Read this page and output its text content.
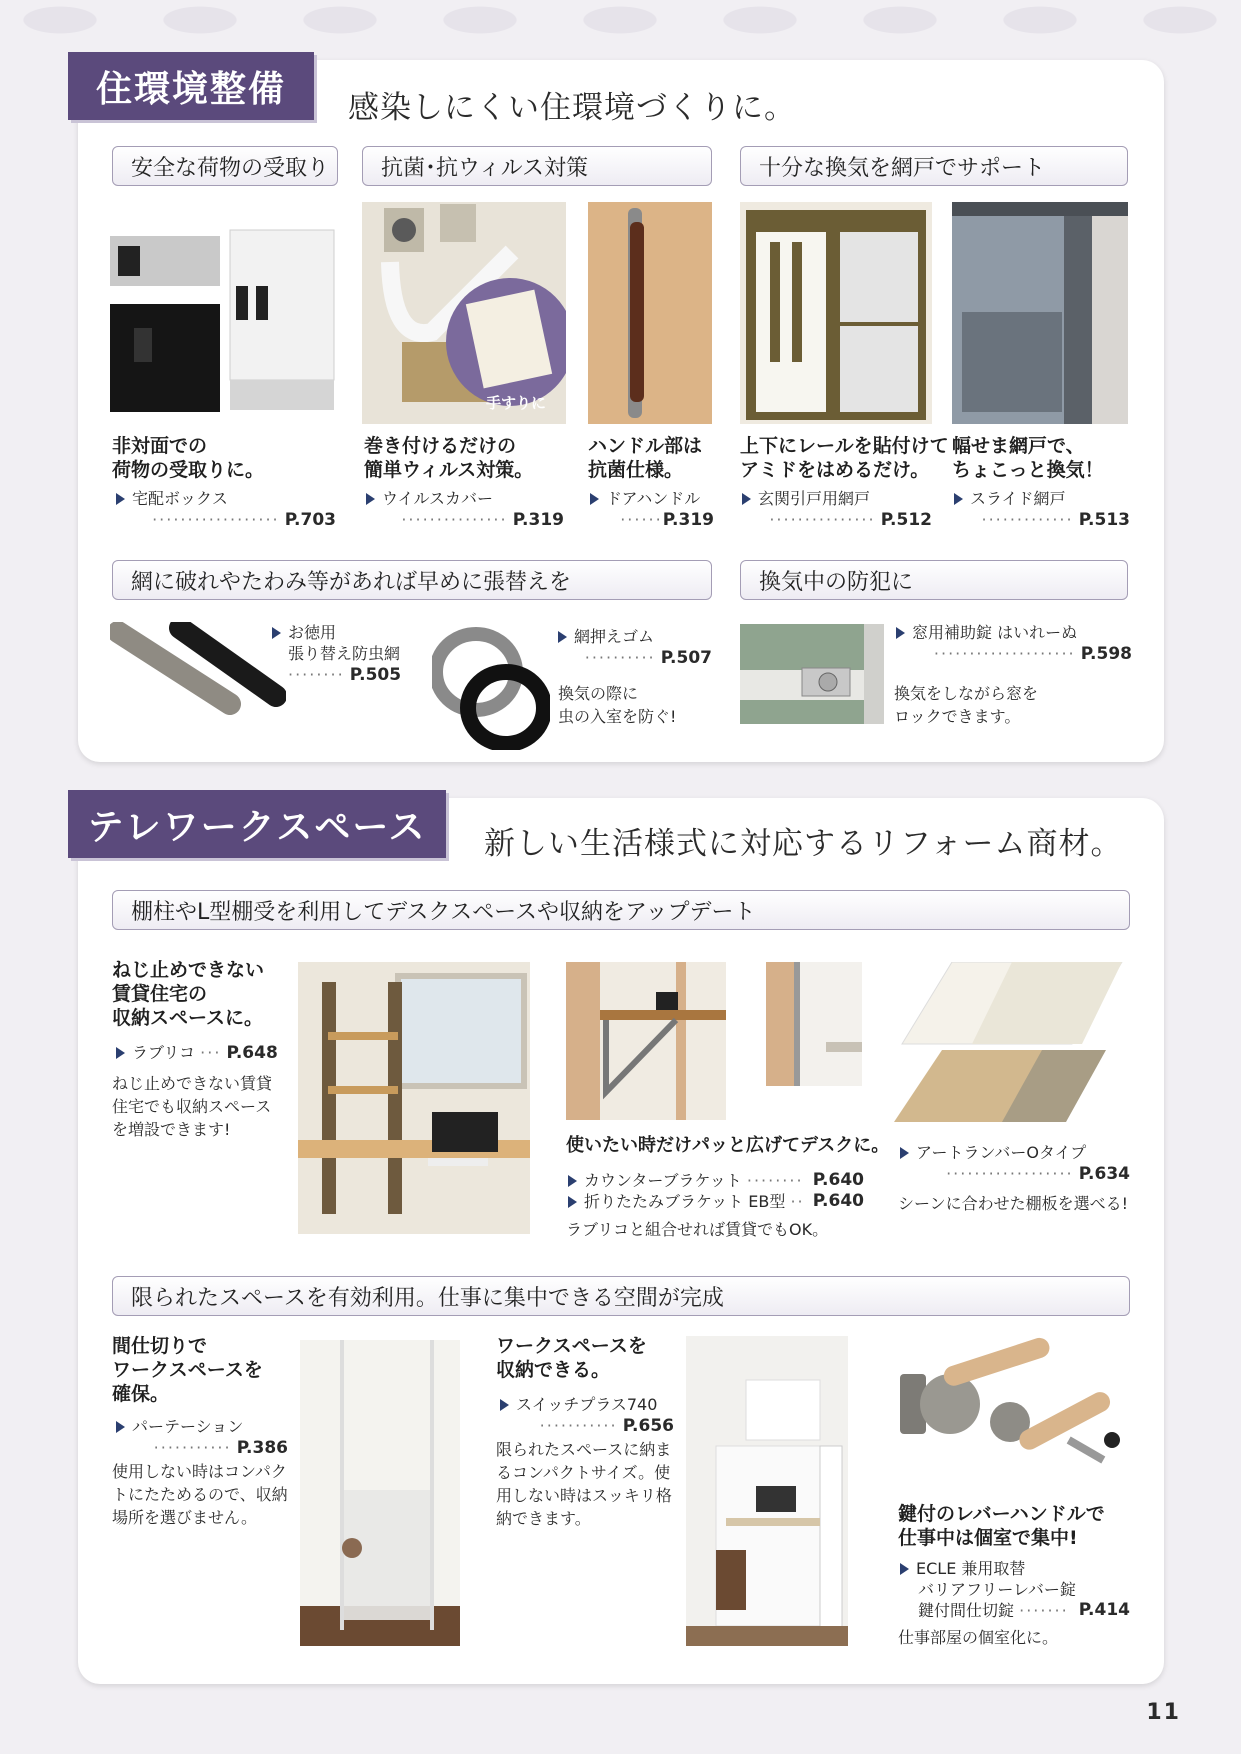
住環境整備	感染しにくい住環境づくりに。
安全な荷物の受取り	抗菌･抗ウィルス対策	十分な換気を網戸でサポート
手すりに
非対面での
荷物の受取りに。
宅配ボックス
·················· P.703
巻き付けるだけの
簡単ウィルス対策。
ウイルスカバー
··············· P.319
ハンドル部は
抗菌仕様。
ドアハンドル
······P.319
上下にレールを貼付けて
アミドをはめるだけ。
玄関引戸用網戸
··············· P.512
幅せま網戸で、
ちょこっと換気！
スライド網戸
············· P.513
網に破れやたわみ等があれば早めに張替えを	換気中の防犯に
お徳用
張り替え防虫網
········ P.505
網押えゴム
·········· P.507
換気の際に
虫の入室を防ぐ!
窓用補助錠 はいれーぬ
···················· P.598
換気をしながら窓を
ロックできます。
テレワークスペース	新しい生活様式に対応するリフォーム商材。
棚柱やL型棚受を利用してデスクスペースや収納をアップデート
ねじ止めできない
賃貸住宅の
収納スペースに。
ラブリコ ··· P.648
ねじ止めできない賃貸
住宅でも収納スペース
を増設できます!
使いたい時だけパッと広げてデスクに。
カウンターブラケット ········ P.640
折りたたみブラケット EB型 ·· P.640
ラブリコと組合せれば賃貸でもOK。
アートランバーOタイプ
·················· P.634
シーンに合わせた棚板を選べる!
限られたスペースを有効利用。仕事に集中できる空間が完成
間仕切りで
ワークスペースを
確保。
パーテーション
··········· P.386
使用しない時はコンパク
トにたためるので、収納
場所を選びません。
ワークスペースを
収納できる。
スイッチプラス740
··········· P.656
限られたスペースに納ま
るコンパクトサイズ。使
用しない時はスッキリ格
納できます。	鍵付のレバーハンドルで
仕事中は個室で集中!
ECLE 兼用取替
バリアフリーレバー錠
鍵付間仕切錠 ······· P.414
仕事部屋の個室化に。
11
